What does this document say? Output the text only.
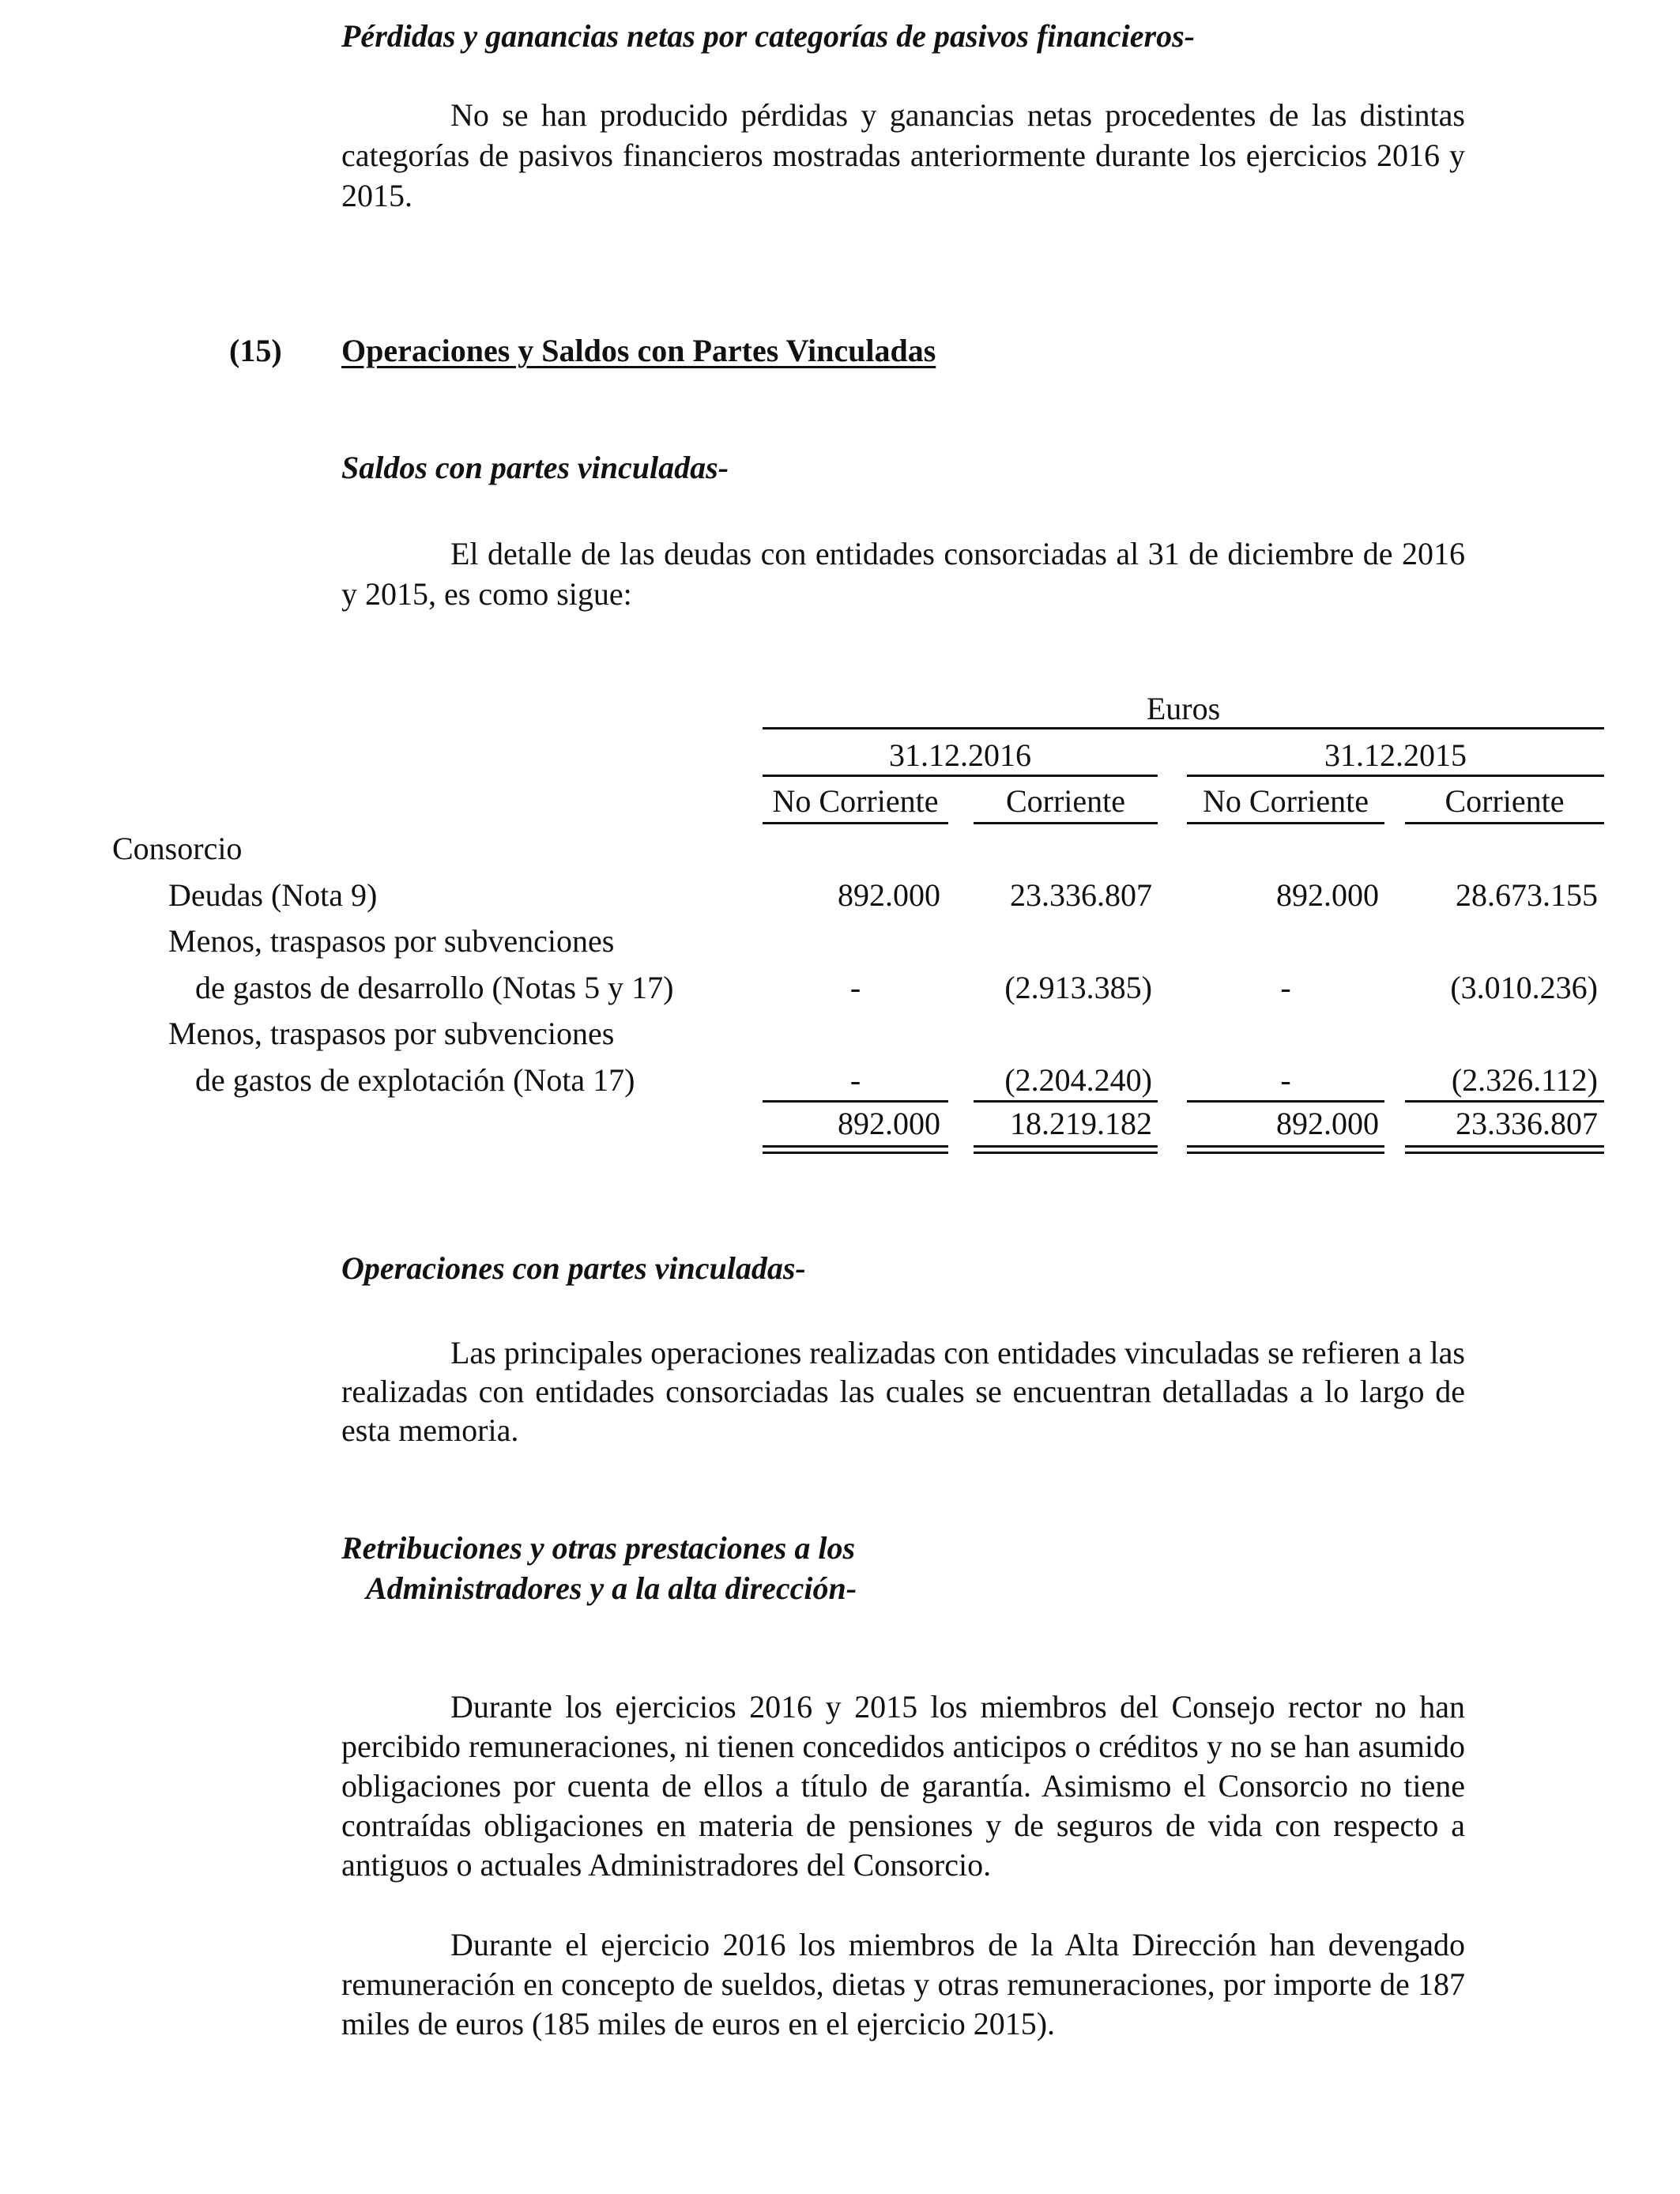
Pérdidas y ganancias netas por categorías de pasivos financieros-
No se han producido pérdidas y ganancias netas procedentes de las distintas categorías de pasivos financieros mostradas anteriormente durante los ejercicios 2016 y 2015.
(15) Operaciones y Saldos con Partes Vinculadas
Saldos con partes vinculadas-
El detalle de las deudas con entidades consorciadas al 31 de diciembre de 2016 y 2015, es como sigue:
Euros
31.12.2016	31.12.2015
No Corriente	Corriente	No Corriente	Corriente
Consorcio
Deudas (Nota 9)	892.000	23.336.807	892.000	28.673.155
Menos, traspasos por subvenciones
de gastos de desarrollo (Notas 5 y 17)	-	(2.913.385)	-	(3.010.236)
Menos, traspasos por subvenciones
de gastos de explotación (Nota 17)	-	(2.204.240)	-	(2.326.112)
892.000	18.219.182	892.000	23.336.807
Operaciones con partes vinculadas-
Las principales operaciones realizadas con entidades vinculadas se refieren a las realizadas con entidades consorciadas las cuales se encuentran detalladas a lo largo de esta memoria.
Retribuciones y otras prestaciones a los
Administradores y a la alta dirección-
Durante los ejercicios 2016 y 2015 los miembros del Consejo rector no han percibido remuneraciones, ni tienen concedidos anticipos o créditos y no se han asumido obligaciones por cuenta de ellos a título de garantía. Asimismo el Consorcio no tiene contraídas obligaciones en materia de pensiones y de seguros de vida con respecto a antiguos o actuales Administradores del Consorcio.
Durante el ejercicio 2016 los miembros de la Alta Dirección han devengado remuneración en concepto de sueldos, dietas y otras remuneraciones, por importe de 187 miles de euros (185 miles de euros en el ejercicio 2015).
